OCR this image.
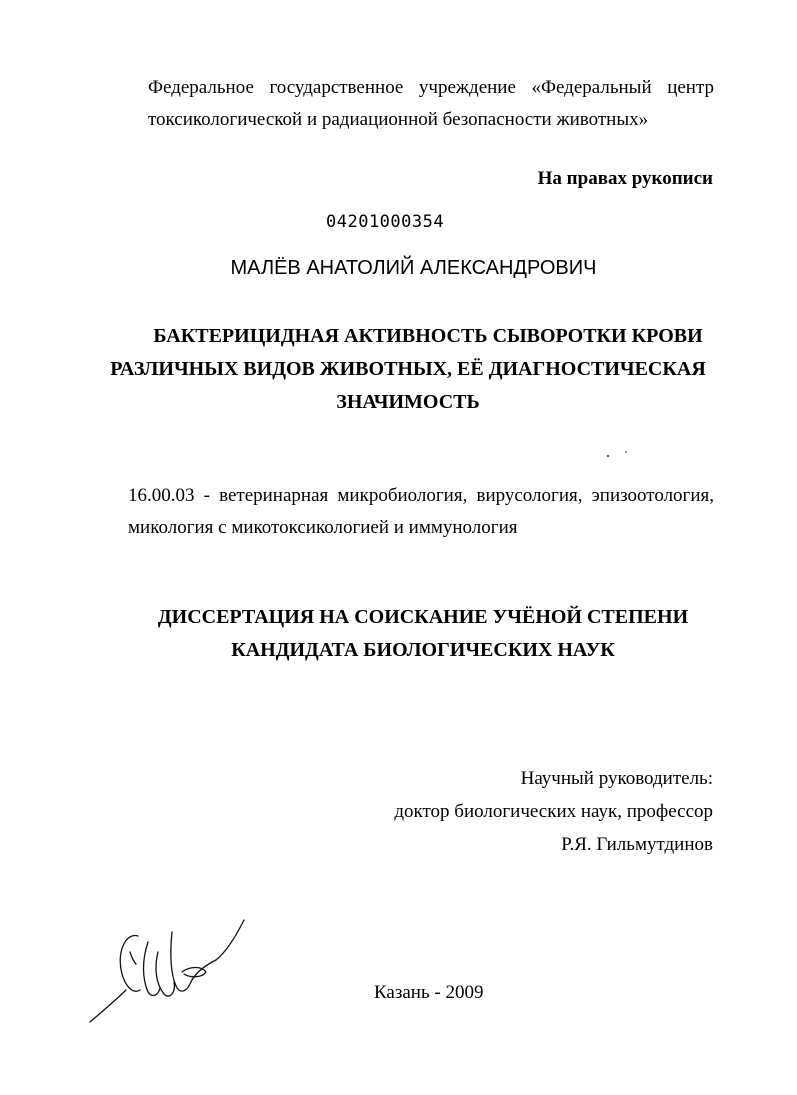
Федеральное государственное учреждение «Федеральный центр
токсикологической и радиационной безопасности животных»
На правах рукописи
04201000354
МАЛЁВ АНАТОЛИЙ АЛЕКСАНДРОВИЧ
БАКТЕРИЦИДНАЯ АКТИВНОСТЬ СЫВОРОТКИ КРОВИ
РАЗЛИЧНЫХ ВИДОВ ЖИВОТНЫХ, ЕЁ ДИАГНОСТИЧЕСКАЯ
ЗНАЧИМОСТЬ
16.00.03 - ветеринарная микробиология, вирусология, эпизоотология,
микология с микотоксикологией и иммунология
ДИССЕРТАЦИЯ НА СОИСКАНИЕ УЧЁНОЙ СТЕПЕНИ
КАНДИДАТА БИОЛОГИЧЕСКИХ НАУК
Научный руководитель:
доктор биологических наук, профессор
Р.Я. Гильмутдинов
Казань - 2009
